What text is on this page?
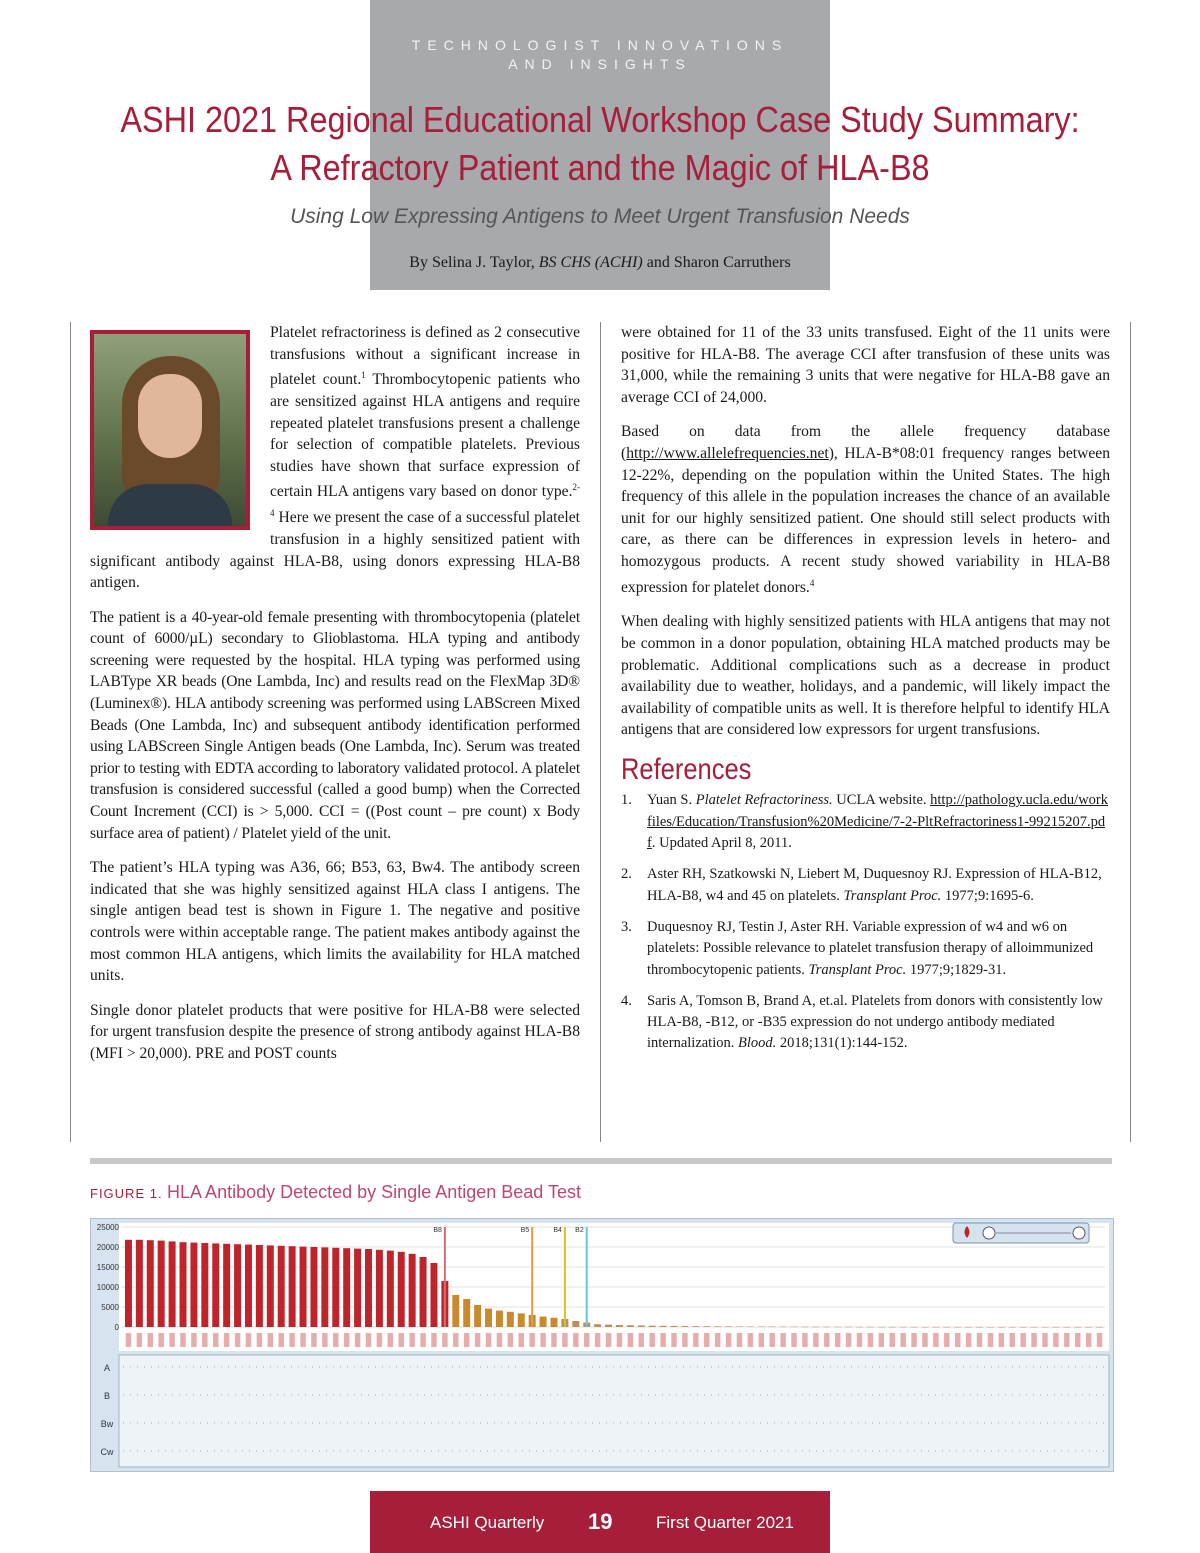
TECHNOLOGIST INNOVATIONS
AND INSIGHTS
ASHI 2021 Regional Educational Workshop Case Study Summary:
A Refractory Patient and the Magic of HLA-B8
Using Low Expressing Antigens to Meet Urgent Transfusion Needs
By Selina J. Taylor, BS CHS (ACHI) and Sharon Carruthers

Platelet refractoriness is defined as 2 consecutive transfusions without a significant increase in platelet count.$^1$ Thrombocytopenic patients who are sensitized against HLA antigens and require repeated platelet transfusions present a challenge for selection of compatible platelets. Previous studies have shown that surface expression of certain HLA antigens vary based on donor type.$^{2-4}$ Here we present the case of a successful platelet transfusion in a highly sensitized patient with significant antibody against HLA-B8, using donors expressing HLA-B8 antigen.

The patient is a 40-year-old female presenting with thrombocytopenia (platelet count of 6000/µL) secondary to Glioblastoma. HLA typing and antibody screening were requested by the hospital. HLA typing was performed using LABType XR beads (One Lambda, Inc) and results read on the FlexMap 3D® (Luminex®). HLA antibody screening was performed using LABScreen Mixed Beads (One Lambda, Inc) and subsequent antibody identification performed using LABScreen Single Antigen beads (One Lambda, Inc). Serum was treated prior to testing with EDTA according to laboratory validated protocol. A platelet transfusion is considered successful (called a good bump) when the Corrected Count Increment (CCI) is > 5,000. CCI = ((Post count – pre count) x Body surface area of patient) / Platelet yield of the unit.

The patient’s HLA typing was A36, 66; B53, 63, Bw4. The antibody screen indicated that she was highly sensitized against HLA class I antigens. The single antigen bead test is shown in Figure 1. The negative and positive controls were within acceptable range. The patient makes antibody against the most common HLA antigens, which limits the availability for HLA matched units.

Single donor platelet products that were positive for HLA-B8 were selected for urgent transfusion despite the presence of strong antibody against HLA-B8 (MFI > 20,000). PRE and POST counts

were obtained for 11 of the 33 units transfused. Eight of the 11 units were positive for HLA-B8. The average CCI after transfusion of these units was 31,000, while the remaining 3 units that were negative for HLA-B8 gave an average CCI of 24,000.

Based on data from the allele frequency database (http://www.allelefrequencies.net), HLA-B*08:01 frequency ranges between 12-22%, depending on the population within the United States. The high frequency of this allele in the population increases the chance of an available unit for our highly sensitized patient. One should still select products with care, as there can be differences in expression levels in hetero- and homozygous products. A recent study showed variability in HLA-B8 expression for platelet donors.$^4$

When dealing with highly sensitized patients with HLA antigens that may not be common in a donor population, obtaining HLA matched products may be problematic. Additional complications such as a decrease in product availability due to weather, holidays, and a pandemic, will likely impact the availability of compatible units as well. It is therefore helpful to identify HLA antigens that are considered low expressors for urgent transfusions.

References
1. Yuan S. Platelet Refractoriness. UCLA website. http://pathology.ucla.edu/workfiles/Education/Transfusion%20Medicine/7-2-PltRefractoriness1-99215207.pdf. Updated April 8, 2011.
2. Aster RH, Szatkowski N, Liebert M, Duquesnoy RJ. Expression of HLA-B12, HLA-B8, w4 and 45 on platelets. Transplant Proc. 1977;9:1695-6.
3. Duquesnoy RJ, Testin J, Aster RH. Variable expression of w4 and w6 on platelets: Possible relevance to platelet transfusion therapy of alloimmunized thrombocytopenic patients. Transplant Proc. 1977;9;1829-31.
4. Saris A, Tomson B, Brand A, et.al. Platelets from donors with consistently low HLA-B8, -B12, or -B35 expression do not undergo antibody mediated internalization. Blood. 2018;131(1):144-152.
FIGURE 1. HLA Antibody Detected by Single Antigen Bead Test
B8	B5	B4 B2
0
5000
10000
15000
20000
25000
A
B
Bw
Cw
ASHI Quarterly 19	First Quarter 2021
